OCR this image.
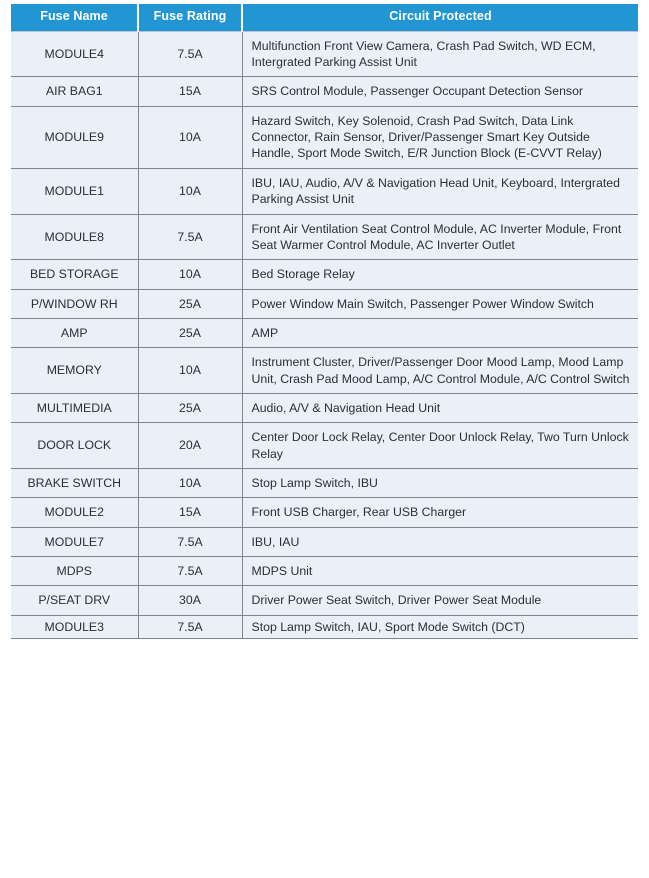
Fuse Name	Fuse Rating	Circuit Protected
MODULE4	7.5A	Multifunction Front View Camera, Crash Pad Switch, WD ECM, Intergrated Parking Assist Unit
AIR BAG1	15A	SRS Control Module, Passenger Occupant Detection Sensor
MODULE9	10A	Hazard Switch, Key Solenoid, Crash Pad Switch, Data Link Connector, Rain Sensor, Driver/Passenger Smart Key Outside Handle, Sport Mode Switch, E/R Junction Block (E-CVVT Relay)
MODULE1	10A	IBU, IAU, Audio, A/V & Navigation Head Unit, Keyboard, Intergrated Parking Assist Unit
MODULE8	7.5A	Front Air Ventilation Seat Control Module, AC Inverter Module, Front Seat Warmer Control Module, AC Inverter Outlet
BED STORAGE	10A	Bed Storage Relay
P/WINDOW RH	25A	Power Window Main Switch, Passenger Power Window Switch
AMP	25A	AMP
MEMORY	10A	Instrument Cluster, Driver/Passenger Door Mood Lamp, Mood Lamp Unit, Crash Pad Mood Lamp, A/C Control Module, A/C Control Switch
MULTIMEDIA	25A	Audio, A/V & Navigation Head Unit
DOOR LOCK	20A	Center Door Lock Relay, Center Door Unlock Relay, Two Turn Unlock Relay
BRAKE SWITCH	10A	Stop Lamp Switch, IBU
MODULE2	15A	Front USB Charger, Rear USB Charger
MODULE7	7.5A	IBU, IAU
MDPS	7.5A	MDPS Unit
P/SEAT DRV	30A	Driver Power Seat Switch, Driver Power Seat Module
MODULE3	7.5A	Stop Lamp Switch, IAU, Sport Mode Switch (DCT)
